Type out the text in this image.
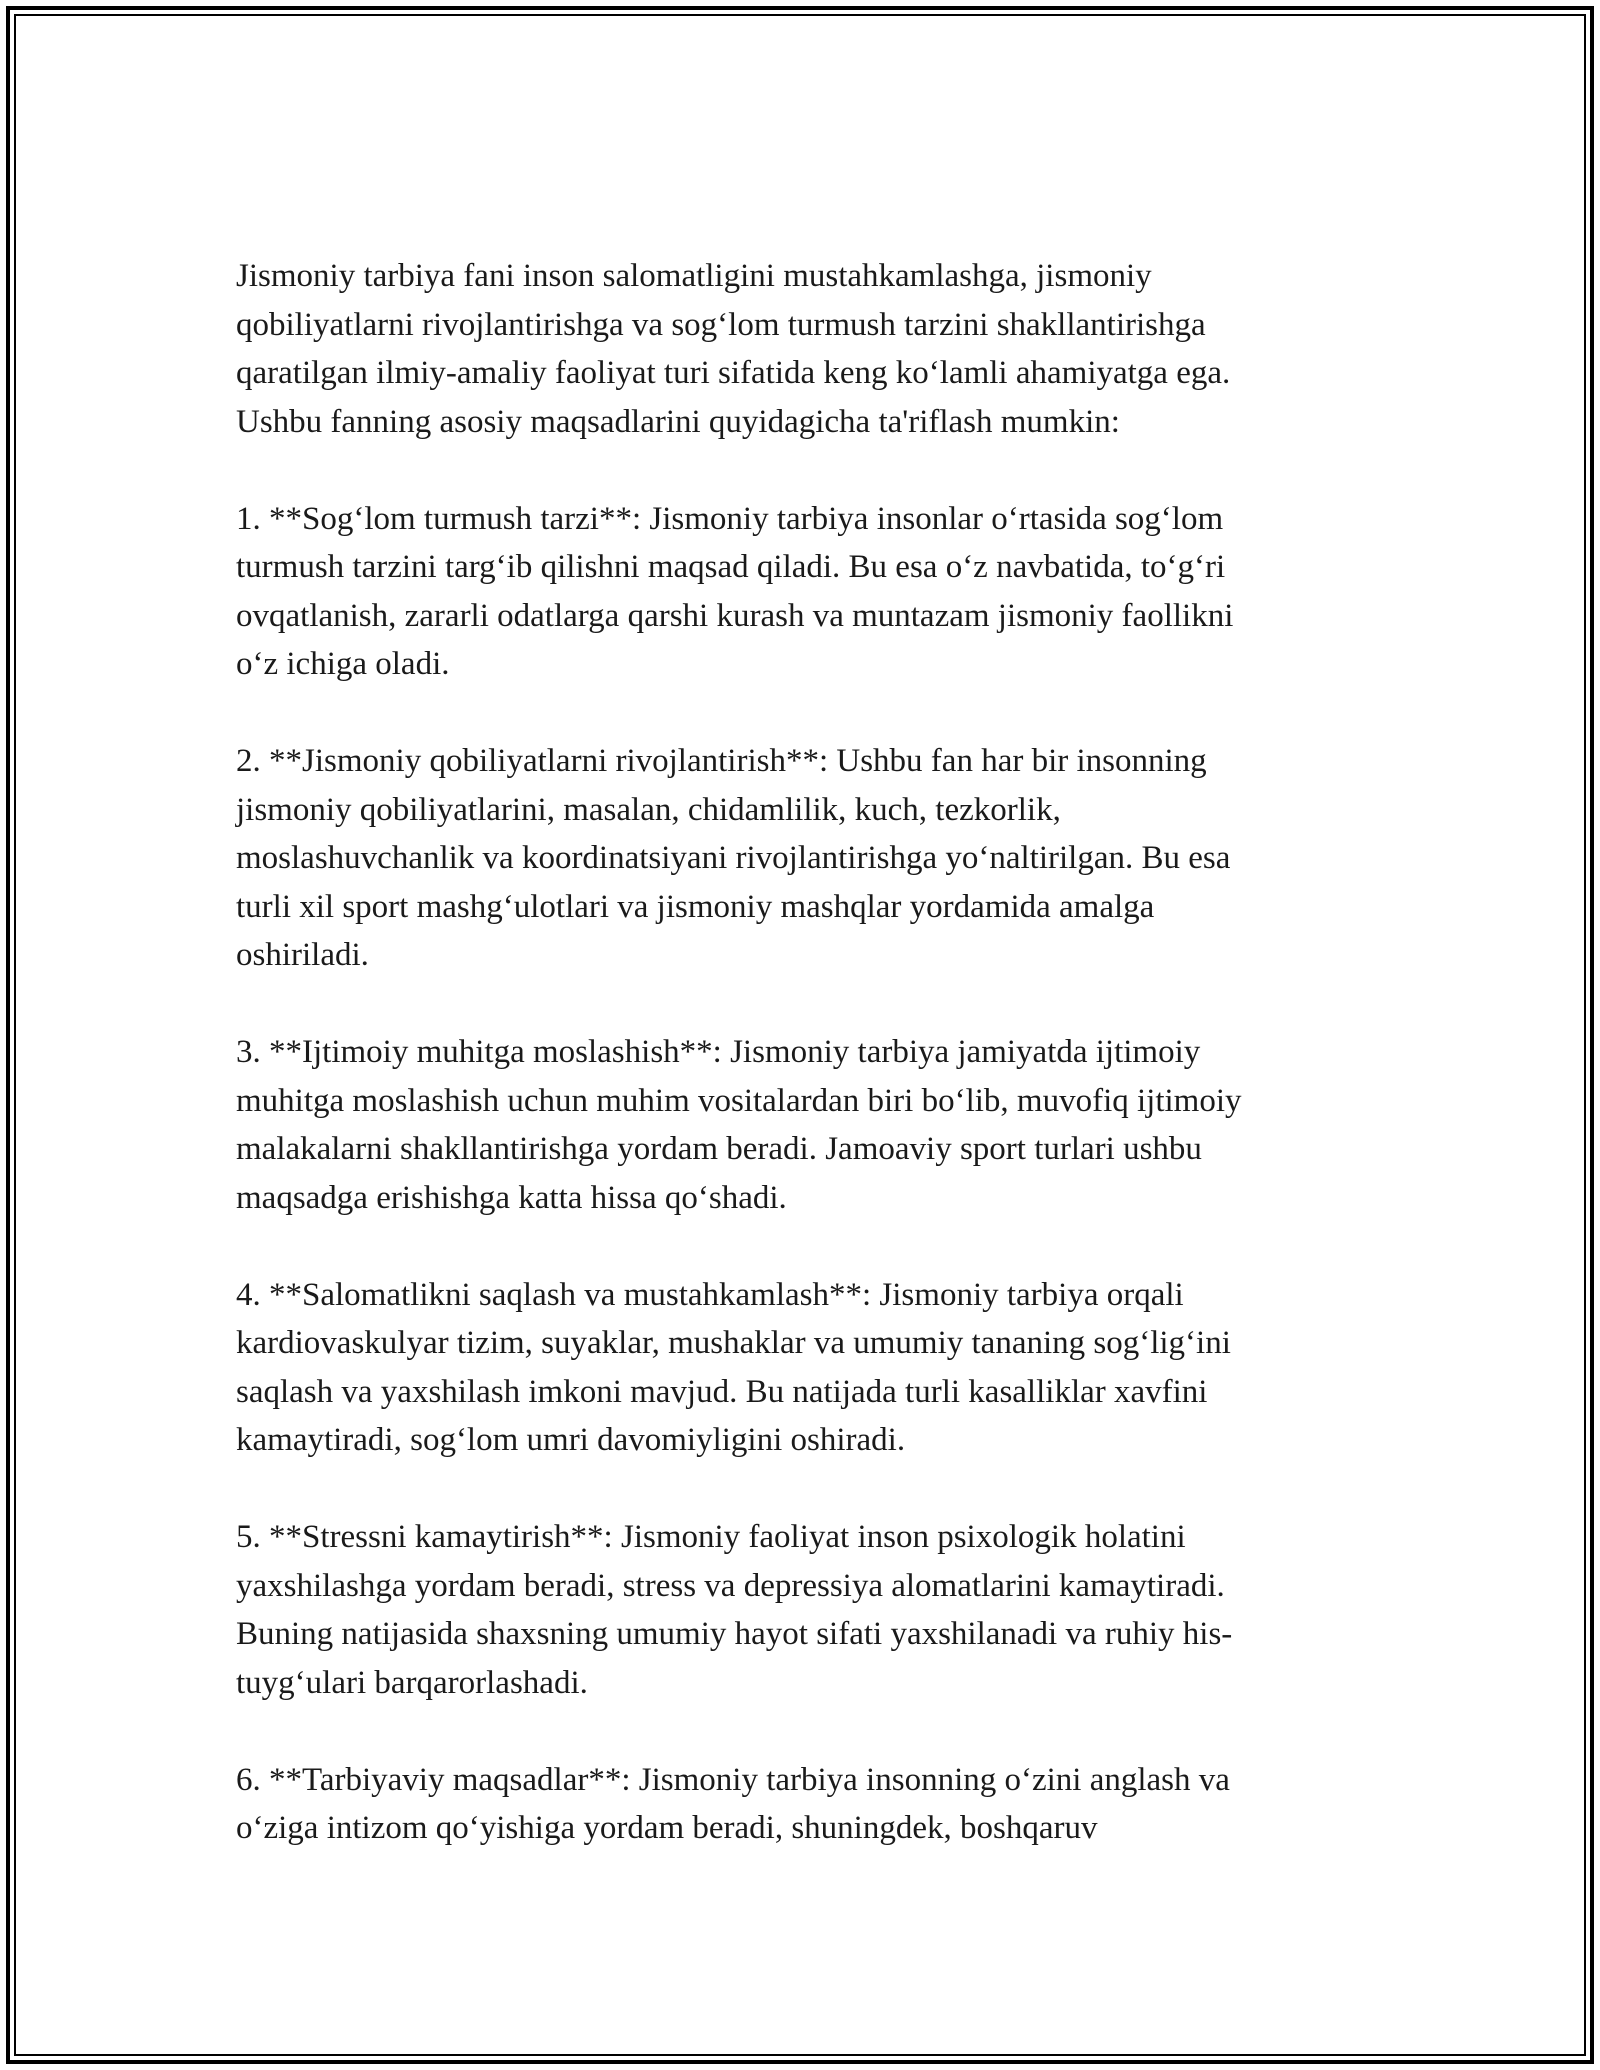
Jismoniy tarbiya fani inson salomatligini mustahkamlashga, jismoniy
qobiliyatlarni rivojlantirishga va sog‘lom turmush tarzini shakllantirishga
qaratilgan ilmiy-amaliy faoliyat turi sifatida keng ko‘lamli ahamiyatga ega.
Ushbu fanning asosiy maqsadlarini quyidagicha ta'riflash mumkin:

1. **Sog‘lom turmush tarzi**: Jismoniy tarbiya insonlar o‘rtasida sog‘lom
turmush tarzini targ‘ib qilishni maqsad qiladi. Bu esa o‘z navbatida, to‘g‘ri
ovqatlanish, zararli odatlarga qarshi kurash va muntazam jismoniy faollikni
o‘z ichiga oladi.

2. **Jismoniy qobiliyatlarni rivojlantirish**: Ushbu fan har bir insonning
jismoniy qobiliyatlarini, masalan, chidamlilik, kuch, tezkorlik,
moslashuvchanlik va koordinatsiyani rivojlantirishga yo‘naltirilgan. Bu esa
turli xil sport mashg‘ulotlari va jismoniy mashqlar yordamida amalga
oshiriladi.

3. **Ijtimoiy muhitga moslashish**: Jismoniy tarbiya jamiyatda ijtimoiy
muhitga moslashish uchun muhim vositalardan biri bo‘lib, muvofiq ijtimoiy
malakalarni shakllantirishga yordam beradi. Jamoaviy sport turlari ushbu
maqsadga erishishga katta hissa qo‘shadi.

4. **Salomatlikni saqlash va mustahkamlash**: Jismoniy tarbiya orqali
kardiovaskulyar tizim, suyaklar, mushaklar va umumiy tananing sog‘lig‘ini
saqlash va yaxshilash imkoni mavjud. Bu natijada turli kasalliklar xavfini
kamaytiradi, sog‘lom umri davomiyligini oshiradi.

5. **Stressni kamaytirish**: Jismoniy faoliyat inson psixologik holatini
yaxshilashga yordam beradi, stress va depressiya alomatlarini kamaytiradi.
Buning natijasida shaxsning umumiy hayot sifati yaxshilanadi va ruhiy his-
tuyg‘ulari barqarorlashadi.

6. **Tarbiyaviy maqsadlar**: Jismoniy tarbiya insonning o‘zini anglash va
o‘ziga intizom qo‘yishiga yordam beradi, shuningdek, boshqaruv
